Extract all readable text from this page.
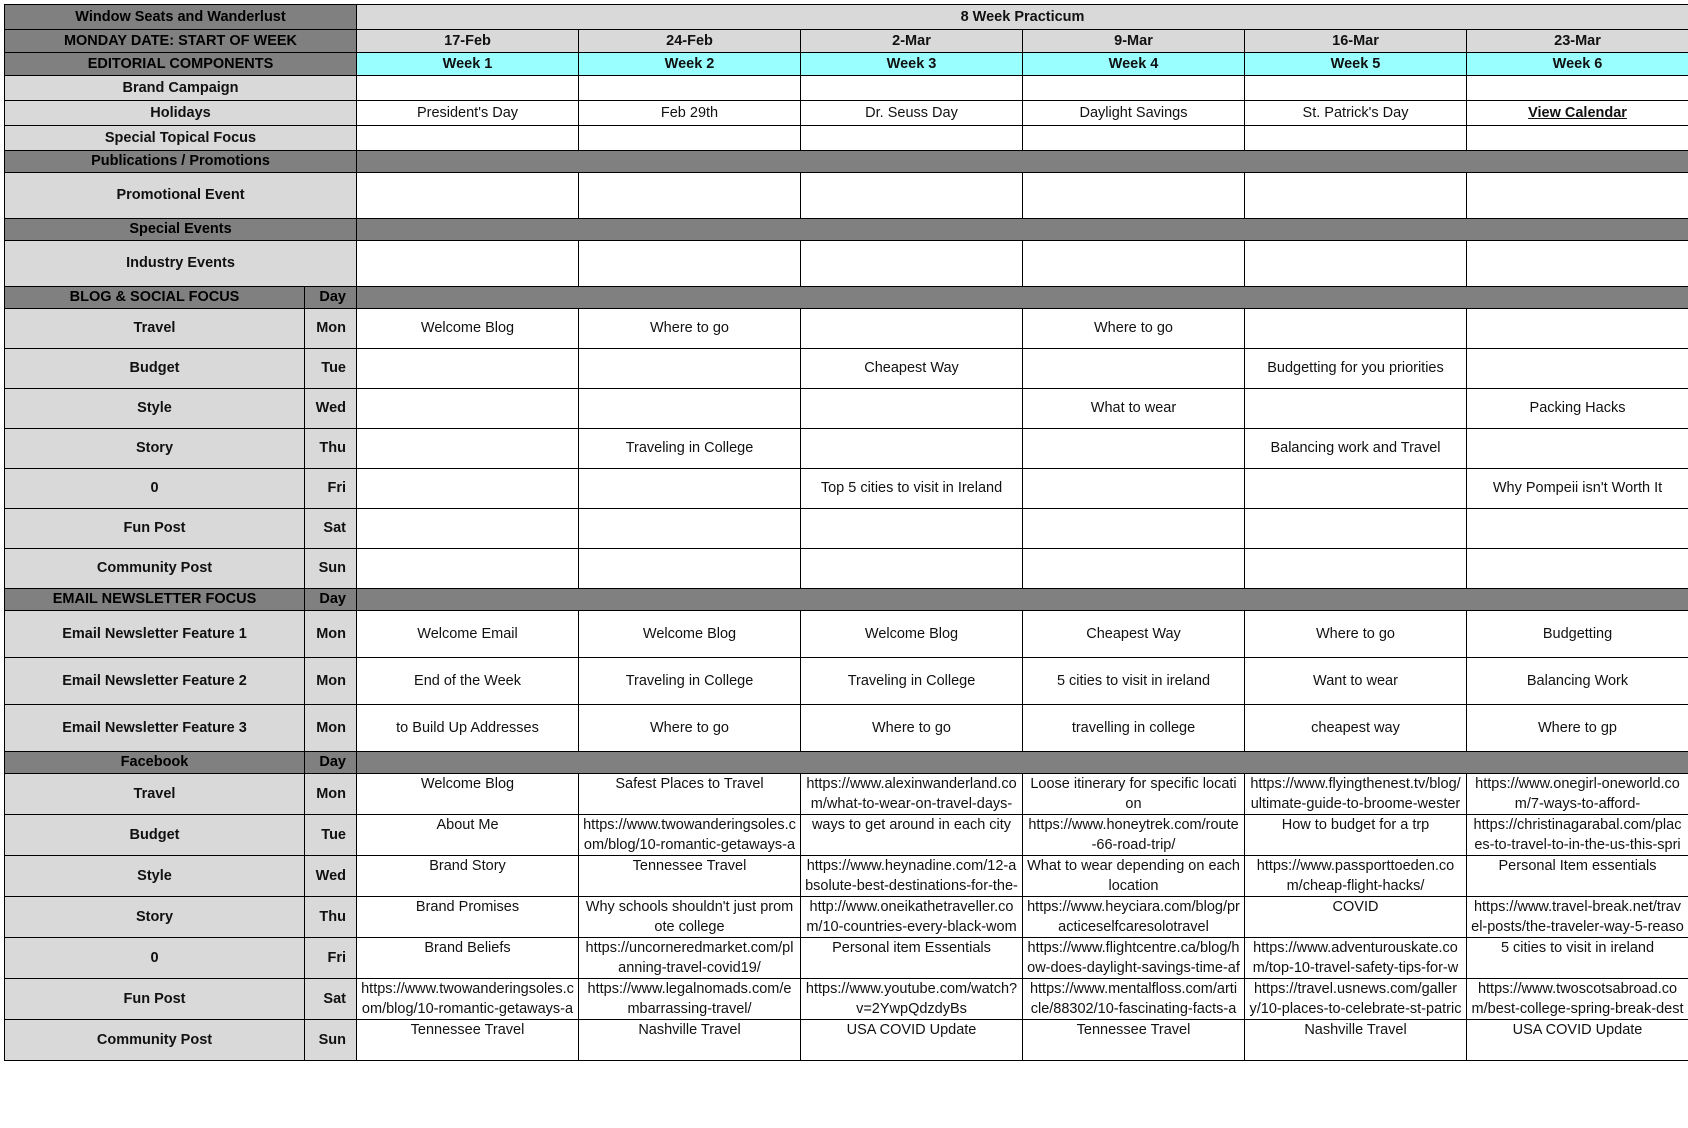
Window Seats and Wanderlust		8 Week Practicum					
MONDAY DATE: START OF WEEK		17-Feb	24-Feb	2-Mar	9-Mar	16-Mar	23-Mar
EDITORIAL COMPONENTS		Week 1	Week 2	Week 3	Week 4	Week 5	Week 6
Brand Campaign							
Holidays		President's Day	Feb 29th	Dr. Seuss Day	Daylight Savings	St. Patrick's Day	View Calendar
Special Topical Focus							
Publications / Promotions							
Promotional Event							
Special Events							
Industry Events							
BLOG & SOCIAL FOCUS	Day						
Travel	Mon	Welcome Blog	Where to go		Where to go		
Budget	Tue			Cheapest Way		Budgetting for you priorities	
Style	Wed				What to wear		Packing Hacks
Story	Thu		Traveling in College			Balancing work and Travel	
0	Fri			Top 5 cities to visit in Ireland			Why Pompeii isn't Worth It
Fun Post	Sat						
Community Post	Sun						
EMAIL NEWSLETTER FOCUS	Day						
Email Newsletter Feature 1	Mon	Welcome Email	Welcome Blog	Welcome Blog	Cheapest Way	Where to go	Budgetting
Email Newsletter Feature 2	Mon	End of the Week	Traveling in College	Traveling in College	5 cities to visit in ireland	Want to wear	Balancing Work
Email Newsletter Feature 3	Mon	to Build Up Addresses	Where to go	Where to go	travelling in college	cheapest way	Where to gp
Facebook	Day						
Travel	Mon	Welcome Blog	Safest Places to Travel	https://www.alexinwanderland.com/what-to-wear-on-travel-days-	Loose itinerary for specific location	https://www.flyingthenest.tv/blog/ultimate-guide-to-broome-wester	https://www.onegirl-oneworld.com/7-ways-to-afford-

Budget	Tue	About Me	https://www.twowanderingsoles.com/blog/10-romantic-getaways-a	ways to get around in each city	https://www.honeytrek.com/route-66-road-trip/	How to budget for a trp	https://christinagarabal.com/places-to-travel-to-in-the-us-this-spri

Style	Wed	Brand Story	Tennessee Travel	https://www.heynadine.com/12-absolute-best-destinations-for-the-	What to wear depending on each location	https://www.passporttoeden.com/cheap-flight-hacks/	Personal Item essentials

Story	Thu	Brand Promises	Why schools shouldn't just promote college	http://www.oneikathetraveller.com/10-countries-every-black-wom	https://www.heyciara.com/blog/practiceselfcaresolotravel	COVID	https://www.travel-break.net/travel-posts/the-traveler-way-5-reaso

0	Fri	Brand Beliefs	https://uncorneredmarket.com/planning-travel-covid19/	Personal item Essentials	https://www.flightcentre.ca/blog/how-does-daylight-savings-time-af	https://www.adventurouskate.com/top-10-travel-safety-tips-for-w	5 cities to visit in ireland

Fun Post	Sat	https://www.twowanderingsoles.com/blog/10-romantic-getaways-a	https://www.legalnomads.com/embarrassing-travel/	https://www.youtube.com/watch?v=2YwpQdzdyBs	https://www.mentalfloss.com/article/88302/10-fascinating-facts-a	https://travel.usnews.com/gallery/10-places-to-celebrate-st-patric	https://www.twoscotsabroad.com/best-college-spring-break-dest

Community Post	Sun	Tennessee Travel	Nashville Travel	USA COVID Update	Tennessee Travel	Nashville Travel	USA COVID Update
